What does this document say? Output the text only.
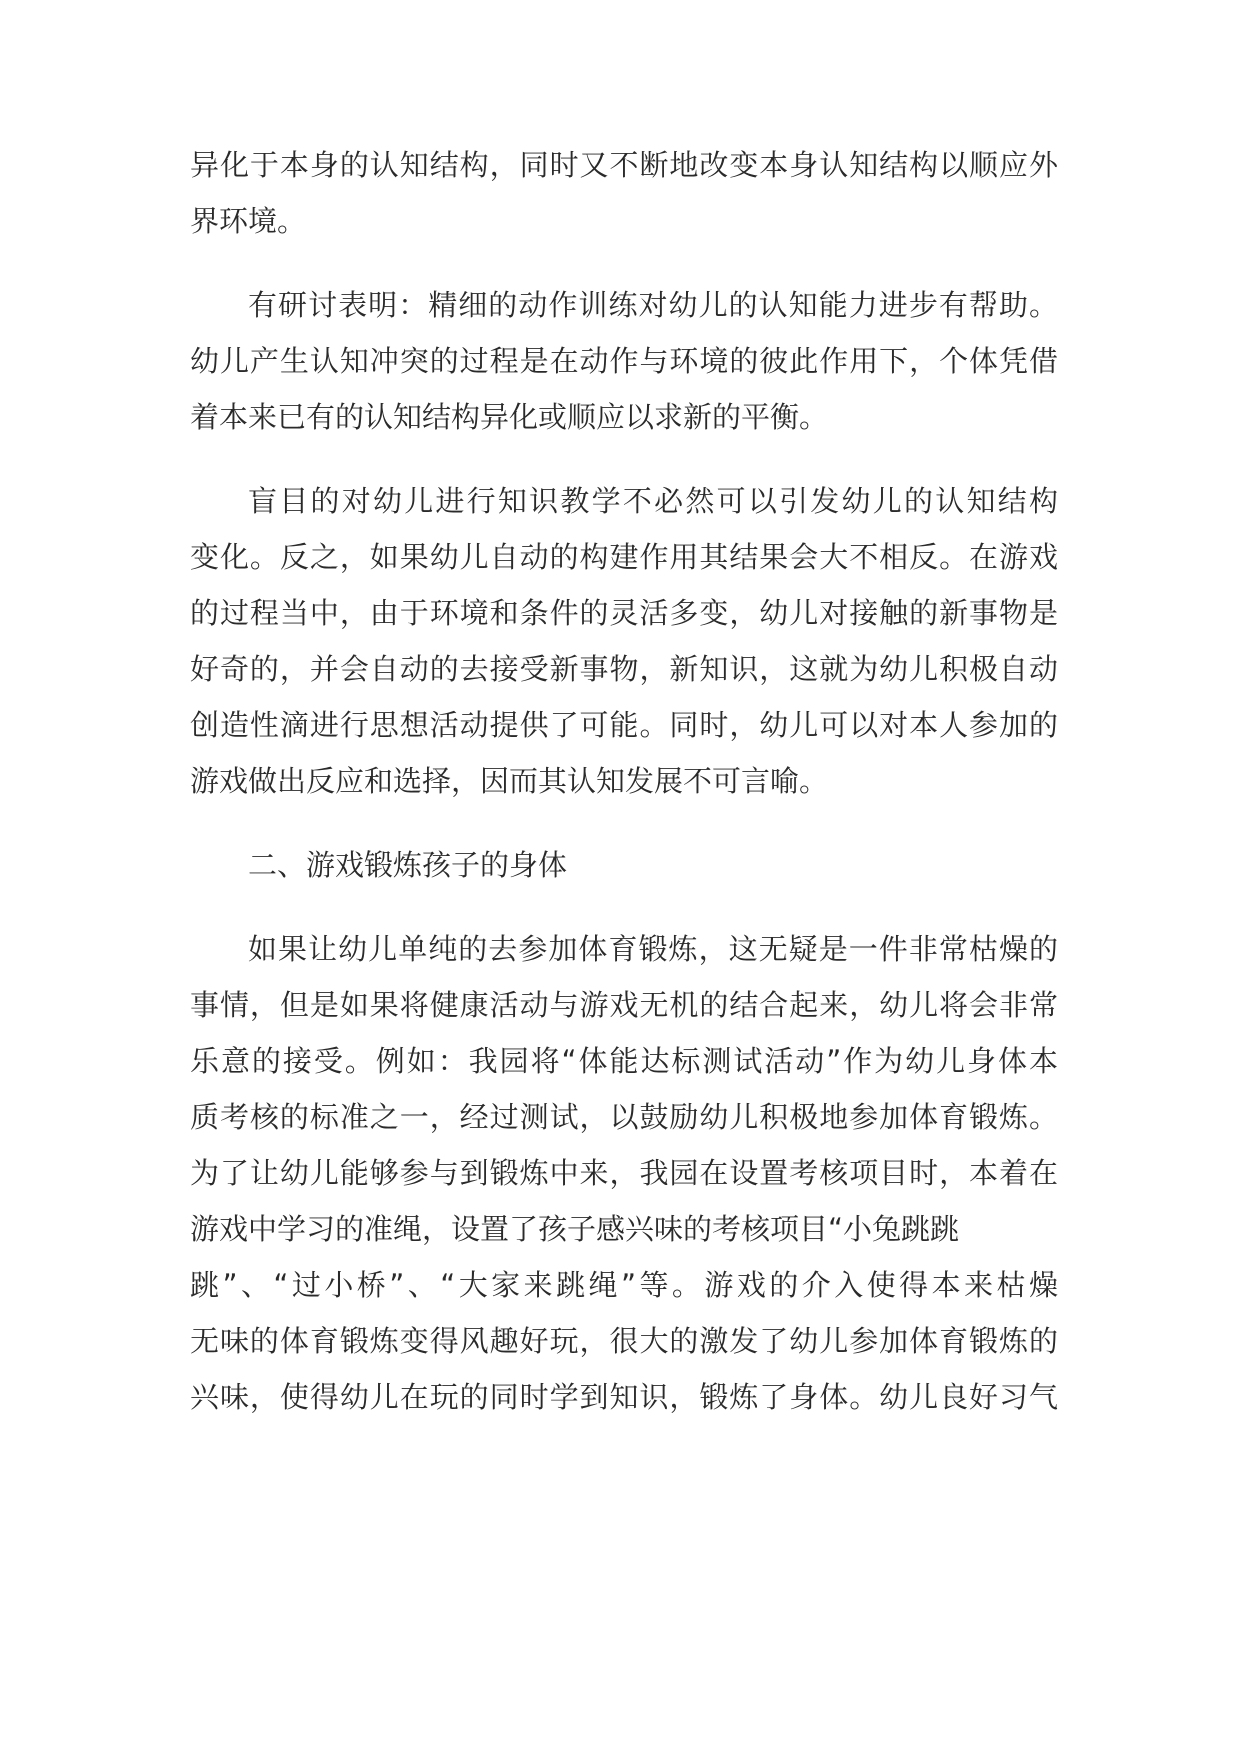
异化于本身的认知结构，同时又不断地改变本身认知结构以顺应外
界环境。
有研讨表明：精细的动作训练对幼儿的认知能力进步有帮助。
幼儿产生认知冲突的过程是在动作与环境的彼此作用下，个体凭借
着本来已有的认知结构异化或顺应以求新的平衡。
盲目的对幼儿进行知识教学不必然可以引发幼儿的认知结构
变化。反之，如果幼儿自动的构建作用其结果会大不相反。在游戏
的过程当中，由于环境和条件的灵活多变，幼儿对接触的新事物是
好奇的，并会自动的去接受新事物，新知识，这就为幼儿积极自动
创造性滴进行思想活动提供了可能。同时，幼儿可以对本人参加的
游戏做出反应和选择，因而其认知发展不可言喻。
二、游戏锻炼孩子的身体
如果让幼儿单纯的去参加体育锻炼，这无疑是一件非常枯燥的
事情，但是如果将健康活动与游戏无机的结合起来，幼儿将会非常
乐意的接受。例如：我园将“体能达标测试活动”作为幼儿身体本
质考核的标准之一，经过测试，以鼓励幼儿积极地参加体育锻炼。
为了让幼儿能够参与到锻炼中来，我园在设置考核项目时，本着在
游戏中学习的准绳，设置了孩子感兴味的考核项目“小兔跳跳
跳”、“过小桥”、“大家来跳绳”等。游戏的介入使得本来枯燥
无味的体育锻炼变得风趣好玩，很大的激发了幼儿参加体育锻炼的
兴味，使得幼儿在玩的同时学到知识，锻炼了身体。幼儿良好习气
